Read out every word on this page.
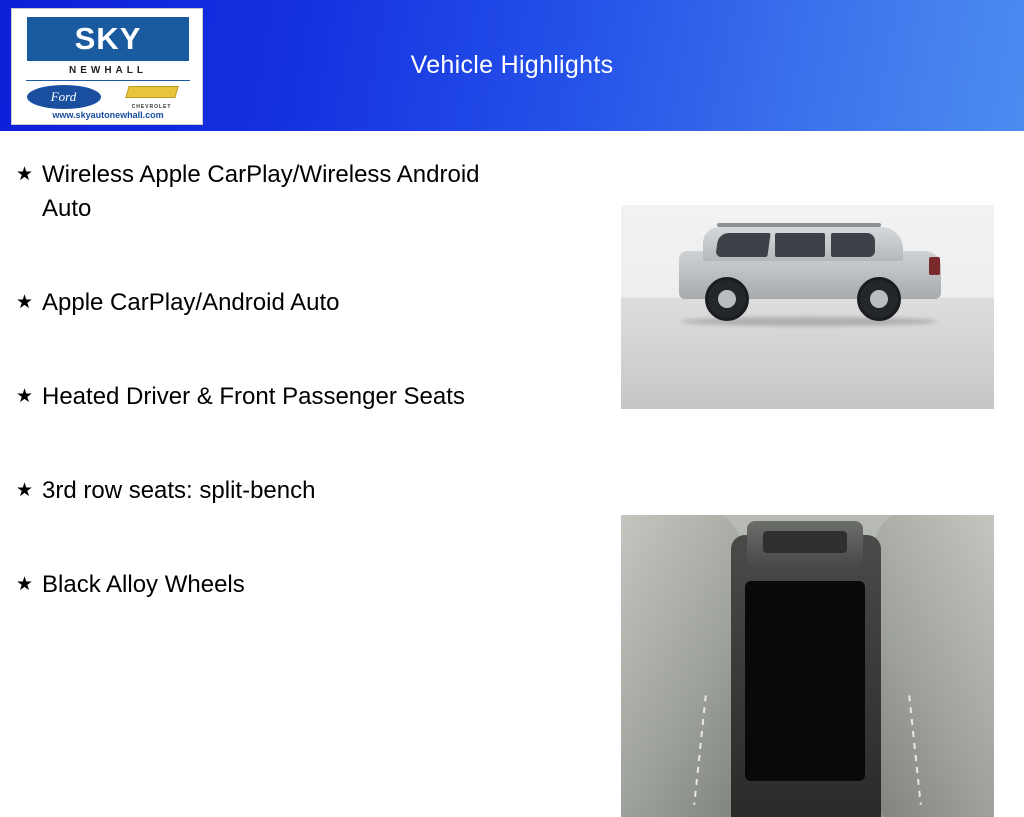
Vehicle Highlights
SKY
NEWHALL
Ford
CHEVROLET
www.skyautonewhall.com
★ Wireless Apple CarPlay/Wireless Android Auto
★ Apple CarPlay/Android Auto
★ Heated Driver & Front Passenger Seats
★ 3rd row seats: split-bench
★ Black Alloy Wheels
